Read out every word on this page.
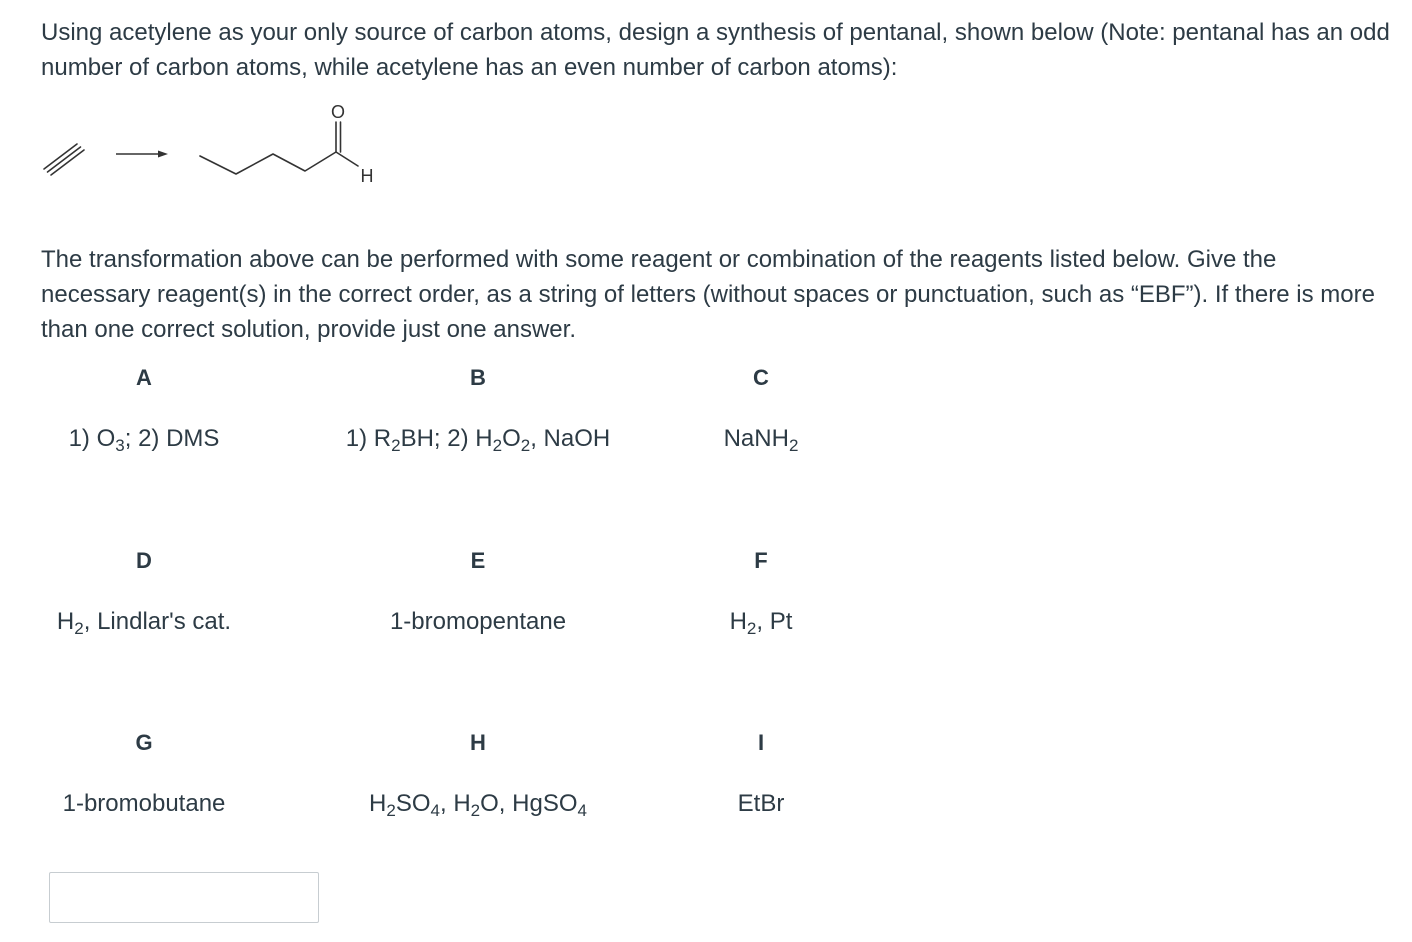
Using acetylene as your only source of carbon atoms, design a synthesis of pentanal, shown below (Note: pentanal has an odd number of carbon atoms, while acetylene has an even number of carbon atoms):

O
H

The transformation above can be performed with some reagent or combination of the reagents listed below. Give the necessary reagent(s) in the correct order, as a string of letters (without spaces or punctuation, such as “EBF”). If there is more than one correct solution, provide just one answer.

A
1) $O_3$; 2) DMS
B
1) $R_2BH$; 2) $H_2O_2$, NaOH
C
NaNH$_2$
D
$H_2$, Lindlar's cat.
E
1-bromopentane
F
$H_2$, Pt
G
1-bromobutane
H
$H_2SO_4$, $H_2O$, HgSO$_4$
I
EtBr
